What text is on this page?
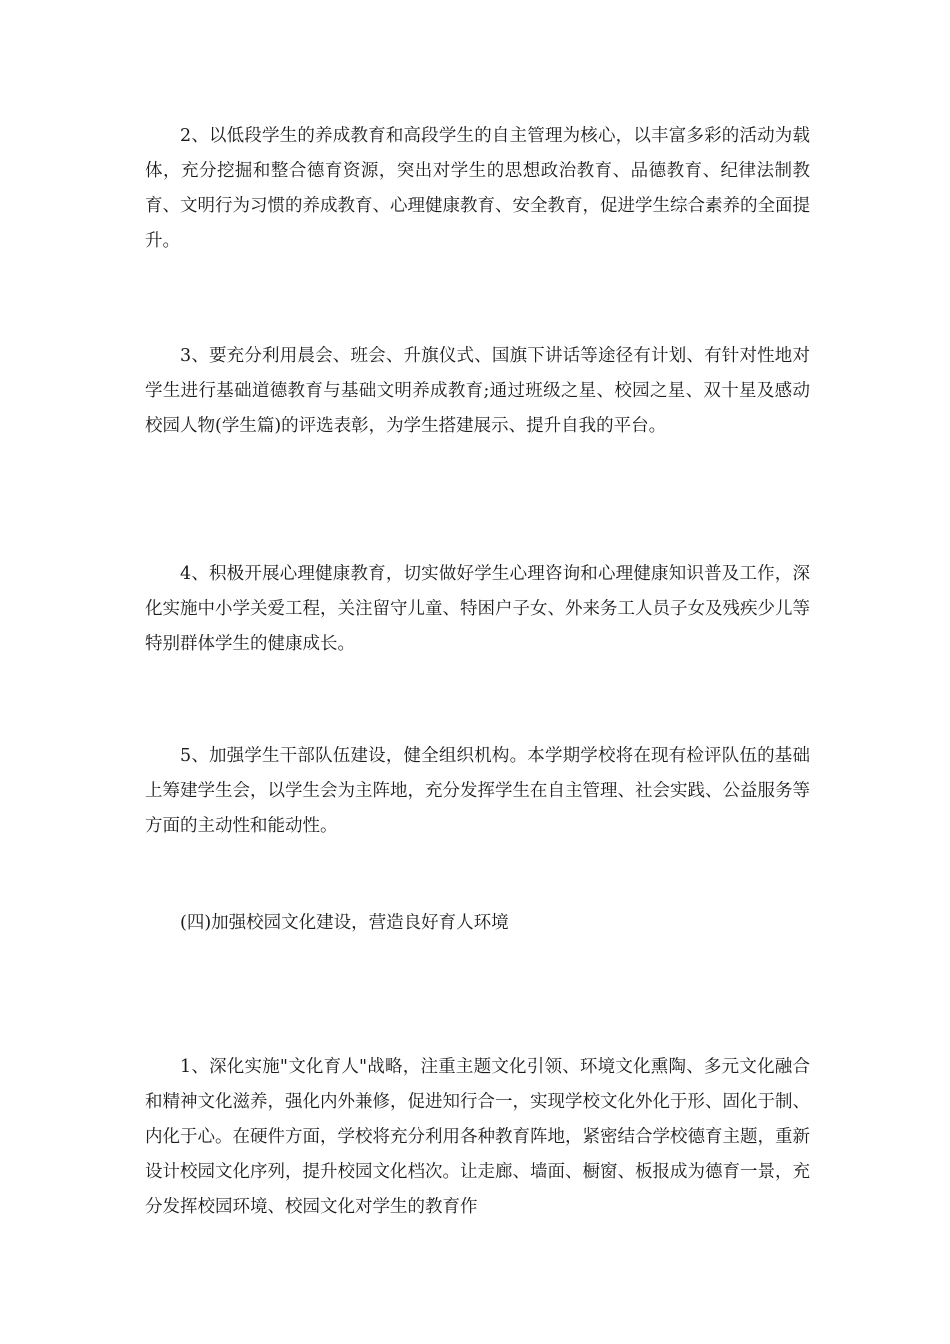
2、以低段学生的养成教育和高段学生的自主管理为核心，以丰富多彩的活动为载体，充分挖掘和整合德育资源，突出对学生的思想政治教育、品德教育、纪律法制教育、文明行为习惯的养成教育、心理健康教育、安全教育，促进学生综合素养的全面提升。

3、要充分利用晨会、班会、升旗仪式、国旗下讲话等途径有计划、有针对性地对学生进行基础道德教育与基础文明养成教育;通过班级之星、校园之星、双十星及感动校园人物(学生篇)的评选表彰，为学生搭建展示、提升自我的平台。

4、积极开展心理健康教育，切实做好学生心理咨询和心理健康知识普及工作，深化实施中小学关爱工程，关注留守儿童、特困户子女、外来务工人员子女及残疾少儿等特别群体学生的健康成长。

5、加强学生干部队伍建设，健全组织机构。本学期学校将在现有检评队伍的基础上筹建学生会，以学生会为主阵地，充分发挥学生在自主管理、社会实践、公益服务等方面的主动性和能动性。

(四)加强校园文化建设，营造良好育人环境

1、深化实施"文化育人"战略，注重主题文化引领、环境文化熏陶、多元文化融合和精神文化滋养，强化内外兼修，促进知行合一，实现学校文化外化于形、固化于制、内化于心。在硬件方面，学校将充分利用各种教育阵地，紧密结合学校德育主题，重新设计校园文化序列，提升校园文化档次。让走廊、墙面、橱窗、板报成为德育一景，充分发挥校园环境、校园文化对学生的教育作
